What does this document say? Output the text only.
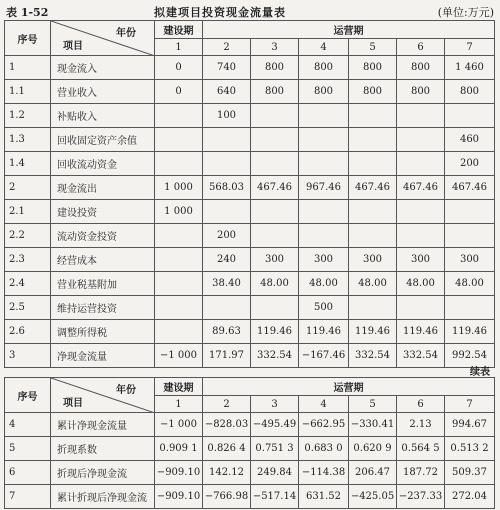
表 1-52	拟建项目投资现金流量表	(单位:万元)
序号	年份
项目	建设期	运营期					
		1	2	3	4	5	6	7
1	现金流入	0	740	800	800	800	800	1 460
1.1	营业收入	0	640	800	800	800	800	800
1.2	补贴收入		100					
1.3	回收固定资产余值							460
1.4	回收流动资金							200
2	现金流出	1 000	568.03	467.46	967.46	467.46	467.46	467.46
2.1	建设投资	1 000						
2.2	流动资金投资		200					
2.3	经营成本		240	300	300	300	300	300
2.4	营业税基附加		38.40	48.00	48.00	48.00	48.00	48.00
2.5	维持运营投资				500			
2.6	调整所得税		89.63	119.46	119.46	119.46	119.46	119.46
3	净现金流量	−1 000	171.97	332.54	−167.46	332.54	332.54	992.54
续表
序号	年份
项目	建设期	运营期					
		1	2	3	4	5	6	7
4	累计净现金流量	−1 000	−828.03	−495.49	−662.95	−330.41	2.13	994.67
5	折现系数	0.909 1	0.826 4	0.751 3	0.683 0	0.620 9	0.564 5	0.513 2
6	折现后净现金流	−909.10	142.12	249.84	−114.38	206.47	187.72	509.37
7	累计折现后净现金流	−909.10	−766.98	−517.14	631.52	−425.05	−237.33	272.04
